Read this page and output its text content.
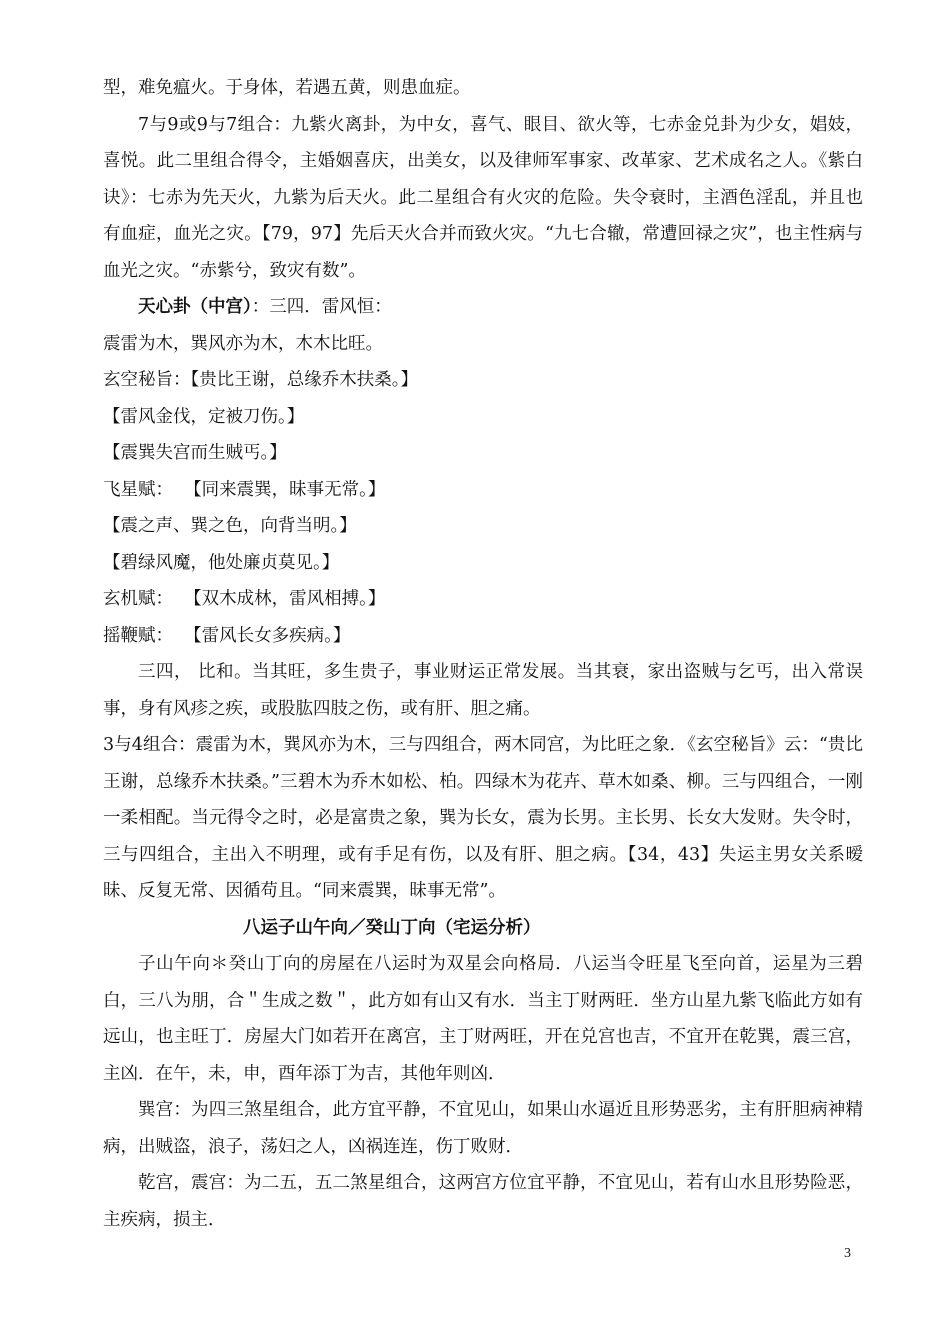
型，难免瘟火。于身体，若遇五黄，则患血症。

7与9或9与7组合：九紫火离卦，为中女，喜气、眼目、欲火等，七赤金兑卦为少女，娼妓，喜悦。此二里组合得令，主婚姻喜庆，出美女，以及律师军事家、改革家、艺术成名之人。《紫白诀》：七赤为先天火，九紫为后天火。此二星组合有火灾的危险。失令衰时，主酒色淫乱，并且也有血症，血光之灾。【79，97】先后天火合并而致火灾。“九七合辙，常遭回禄之灾”，也主性病与血光之灾。“赤紫兮，致灾有数”。

天心卦（中宫）：三四．雷风恒：

震雷为木，巽风亦为木，木木比旺。

玄空秘旨：【贵比王谢，总缘乔木扶桑。】

【雷风金伐，定被刀伤。】

【震巽失宫而生贼丐。】

飞星赋：  【同来震巽，昧事无常。】

【震之声、巽之色，向背当明。】

【碧绿风魔，他处廉贞莫见。】

玄机赋：  【双木成林，雷风相搏。】

摇鞭赋：  【雷风长女多疾病。】

三四， 比和。当其旺，多生贵子，事业财运正常发展。当其衰，家出盗贼与乞丐，出入常误事，身有风疹之疾，或股肱四肢之伤，或有肝、胆之痛。

3与4组合：震雷为木，巽风亦为木，三与四组合，两木同宫，为比旺之象．《玄空秘旨》云：“贵比王谢，总缘乔木扶桑。”三碧木为乔木如松、柏。四绿木为花卉、草木如桑、柳。三与四组合，一刚一柔相配。当元得令之时，必是富贵之象，巽为长女，震为长男。主长男、长女大发财。失令时，三与四组合，主出入不明理，或有手足有伤，以及有肝、胆之病。【34，43】失运主男女关系暧昧、反复无常、因循苟且。“同来震巽，昧事无常”。

八运子山午向／癸山丁向（宅运分析）

子山午向＊癸山丁向的房屋在八运时为双星会向格局．八运当令旺星飞至向首，运星为三碧白，三八为朋，合＂生成之数＂，此方如有山又有水．当主丁财两旺．坐方山星九紫飞临此方如有远山，也主旺丁．房屋大门如若开在离宫，主丁财两旺，开在兑宫也吉，不宜开在乾巽，震三宫，主凶．在午，未，申，酉年添丁为吉，其他年则凶．

巽宫：为四三煞星组合，此方宜平静，不宜见山，如果山水逼近且形势恶劣，主有肝胆病神精病，出贼盗，浪子，荡妇之人，凶祸连连，伤丁败财．

乾宫，震宫：为二五，五二煞星组合，这两宫方位宜平静，不宜见山，若有山水且形势险恶，主疾病，损主．

3
